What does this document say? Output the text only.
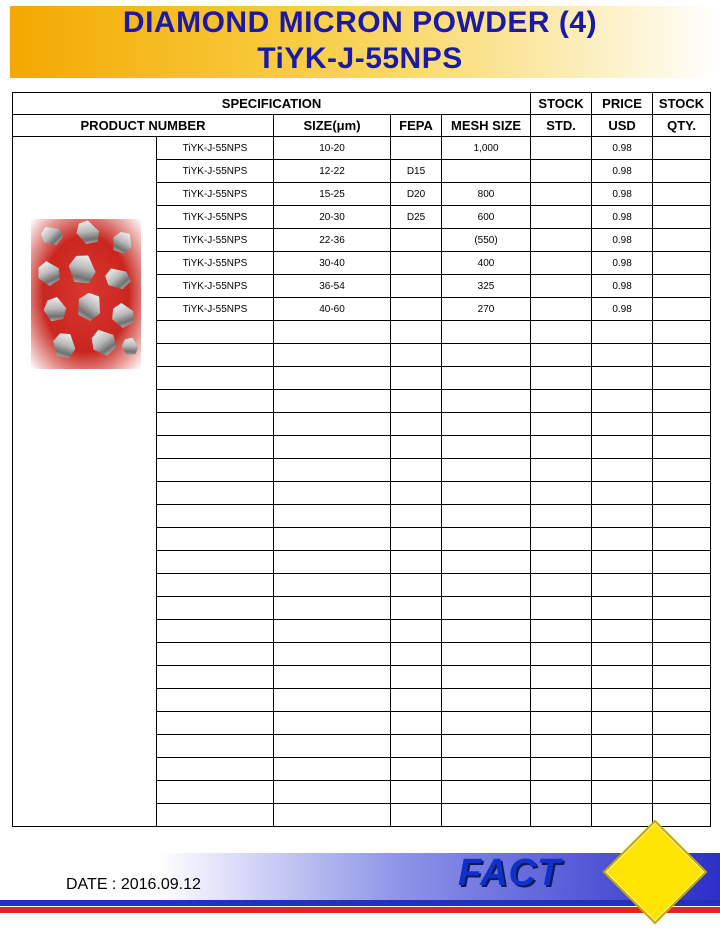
DIAMOND MICRON POWDER (4)
TiYK-J-55NPS
SPECIFICATION					STOCK	PRICE	STOCK
PRODUCT NUMBER		SIZE(μm)	FEPA	MESH SIZE	STD.	USD	QTY.

	TiYK-J-55NPS	10-20		1,000		0.98	
	TiYK-J-55NPS	12-22	D15			0.98	
	TiYK-J-55NPS	15-25	D20	800		0.98	
	TiYK-J-55NPS	20-30	D25	600		0.98	
	TiYK-J-55NPS	22-36		(550)		0.98	
	TiYK-J-55NPS	30-40		400		0.98	
	TiYK-J-55NPS	36-54		325		0.98	
	TiYK-J-55NPS	40-60		270		0.98	

DATE : 2016.09.12	FACT
